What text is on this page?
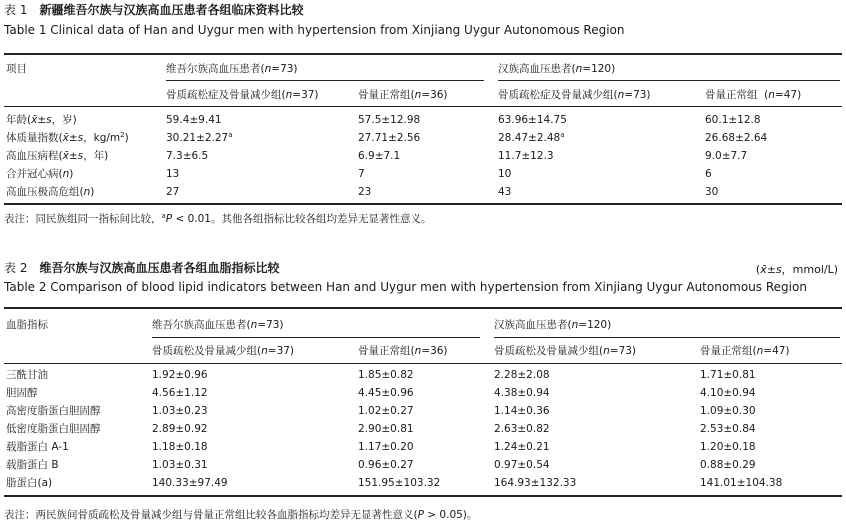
表 1 新疆维吾尔族与汉族高血压患者各组临床资料比较
Table 1 Clinical data of Han and Uygur men with hypertension from Xinjiang Uygur Autonomous Region
项目	维吾尔族高血压患者(n=73)	汉族高血压患者(n=120)
骨质疏松症及骨量减少组(n=37)	骨量正常组(n=36)	骨质疏松症及骨量减少组(n=73)	骨量正常组  (n=47)
年龄(x̄±s，岁)	59.4±9.41	57.5±12.98	63.96±14.75	60.1±12.8
体质量指数(x̄±s，$kg/m^2$)	30.21±2.27$^a$	27.71±2.56	28.47±2.48$^a$	26.68±2.64
高血压病程(x̄±s，年)	7.3±6.5	6.9±7.1	11.7±12.3	9.0±7.7
合并冠心病(n)	13	7	10	6
高血压极高危组(n)	27	23	43	30
表注：同民族组同一指标间比较，$^a$P < 0.01。其他各组指标比较各组均差异无显著性意义。
表 2 维吾尔族与汉族高血压患者各组血脂指标比较	(x̄±s，mmol/L)
Table 2 Comparison of blood lipid indicators between Han and Uygur men with hypertension from Xinjiang Uygur Autonomous Region
血脂指标	维吾尔族高血压患者(n=73)	汉族高血压患者(n=120)
骨质疏松及骨量减少组(n=37)	骨量正常组(n=36)	骨质疏松及骨量减少组(n=73)	骨量正常组(n=47)
三酰甘油	1.92±0.96	1.85±0.82	2.28±2.08	1.71±0.81
胆固醇	4.56±1.12	4.45±0.96	4.38±0.94	4.10±0.94
高密度脂蛋白胆固醇	1.03±0.23	1.02±0.27	1.14±0.36	1.09±0.30
低密度脂蛋白胆固醇	2.89±0.92	2.90±0.81	2.63±0.82	2.53±0.84
载脂蛋白 A-1	1.18±0.18	1.17±0.20	1.24±0.21	1.20±0.18
载脂蛋白 B	1.03±0.31	0.96±0.27	0.97±0.54	0.88±0.29
脂蛋白(a)	140.33±97.49	151.95±103.32	164.93±132.33	141.01±104.38
表注：两民族间骨质疏松及骨量减少组与骨量正常组比较各血脂指标均差异无显著性意义(P > 0.05)。
